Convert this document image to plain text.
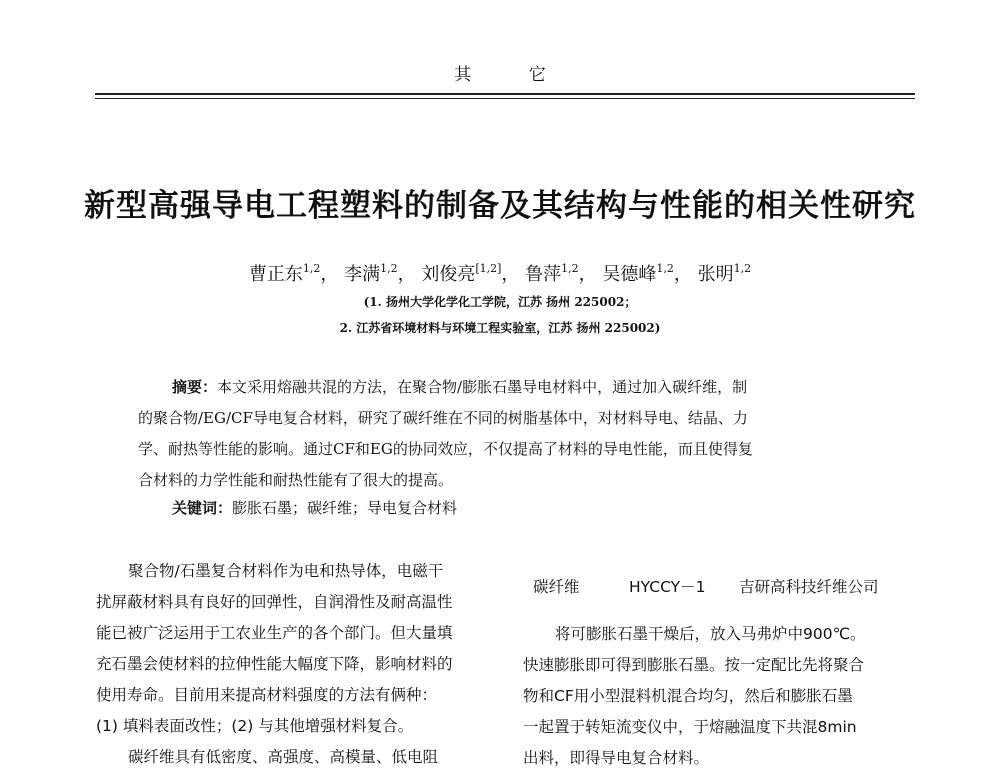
其 它
新型高强导电工程塑料的制备及其结构与性能的相关性研究
曹正东$^{1,2}$， 李满$^{1,2}$， 刘俊亮[1,2]， 鲁萍$^{1,2}$， 吴德峰$^{1,2}$， 张明$^{1,2}$
(1. 扬州大学化学化工学院，江苏 扬州 225002；
2. 江苏省环境材料与环境工程实验室，江苏 扬州 225002)
摘要：本文采用熔融共混的方法，在聚合物/膨胀石墨导电材料中，通过加入碳纤维，制
的聚合物/EG/CF导电复合材料，研究了碳纤维在不同的树脂基体中，对材料导电、结晶、力
学、耐热等性能的影响。通过CF和EG的协同效应，不仅提高了材料的导电性能，而且使得复
合材料的力学性能和耐热性能有了很大的提高。
关键词：膨胀石墨；碳纤维；导电复合材料
聚合物/石墨复合材料作为电和热导体，电磁干
扰屏蔽材料具有良好的回弹性，自润滑性及耐高温性
能已被广泛运用于工农业生产的各个部门。但大量填
充石墨会使材料的拉伸性能大幅度下降，影响材料的
使用寿命。目前用来提高材料强度的方法有俩种：
(1) 填料表面改性；(2) 与其他增强材料复合。
碳纤维具有低密度、高强度、高模量、低电阻
碳纤维	HYCCY－1 吉研高科技纤维公司
将可膨胀石墨干燥后，放入马弗炉中900℃。
快速膨胀即可得到膨胀石墨。按一定配比先将聚合
物和CF用小型混料机混合均匀，然后和膨胀石墨
一起置于转矩流变仪中，于熔融温度下共混8min
出料，即得导电复合材料。
